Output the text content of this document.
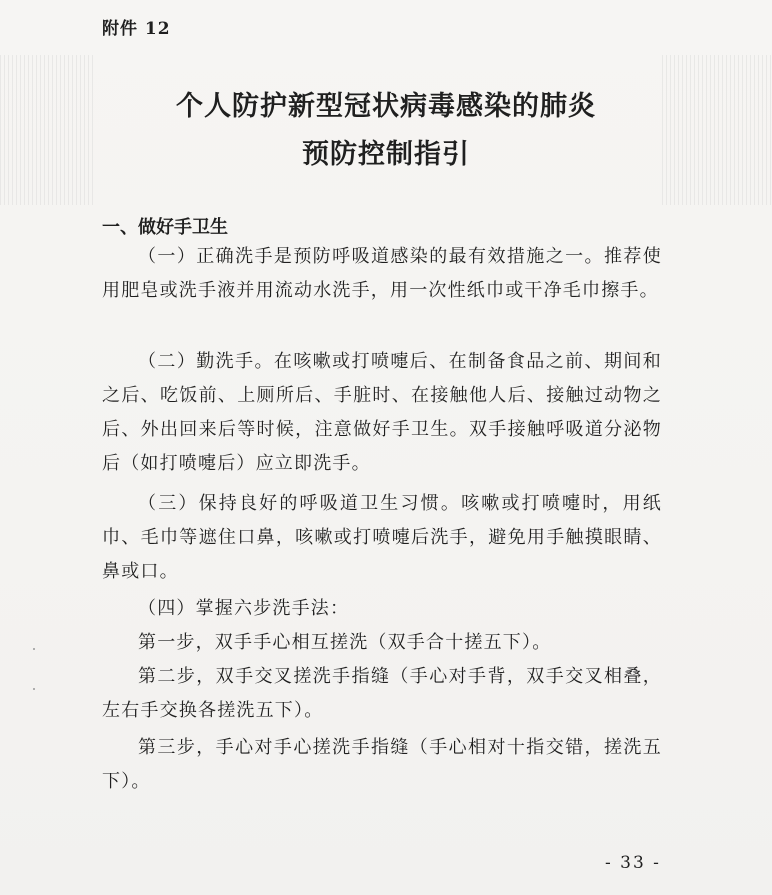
附件 12
个人防护新型冠状病毒感染的肺炎
预防控制指引
一、做好手卫生

（一）正确洗手是预防呼吸道感染的最有效措施之一。推荐使用肥皂或洗手液并用流动水洗手，用一次性纸巾或干净毛巾擦手。

（二）勤洗手。在咳嗽或打喷嚏后、在制备食品之前、期间和之后、吃饭前、上厕所后、手脏时、在接触他人后、接触过动物之后、外出回来后等时候，注意做好手卫生。双手接触呼吸道分泌物后（如打喷嚏后）应立即洗手。

（三）保持良好的呼吸道卫生习惯。咳嗽或打喷嚏时，用纸巾、毛巾等遮住口鼻，咳嗽或打喷嚏后洗手，避免用手触摸眼睛、鼻或口。

（四）掌握六步洗手法：

第一步，双手手心相互搓洗（双手合十搓五下）。

第二步，双手交叉搓洗手指缝（手心对手背，双手交叉相叠，左右手交换各搓洗五下）。

第三步，手心对手心搓洗手指缝（手心相对十指交错，搓洗五下）。

- 33 -
